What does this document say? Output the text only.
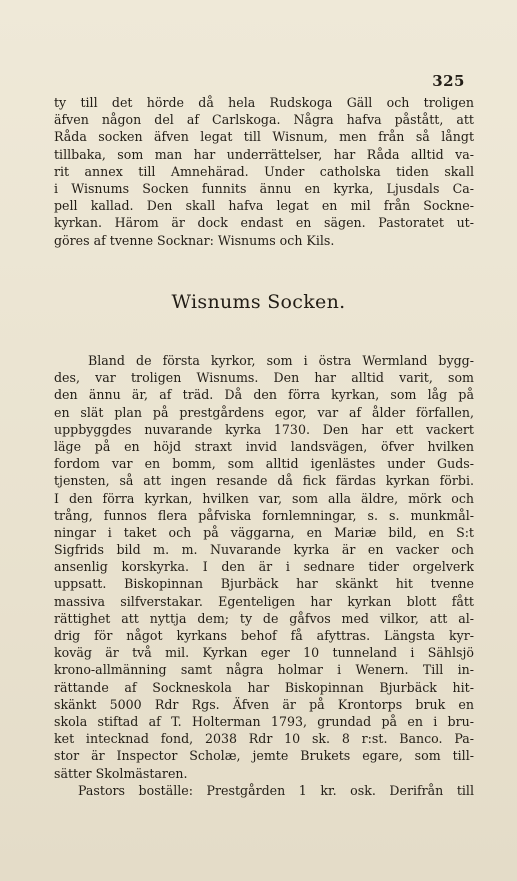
325
ty till det hörde då hela Rudskoga Gäll och troligen
äfven någon del af Carlskoga. Några hafva påstått, att
Råda socken äfven legat till Wisnum, men från så långt
tillbaka, som man har underrättelser, har Råda alltid va-
rit annex till Amnehärad. Under catholska tiden skall
i Wisnums Socken funnits ännu en kyrka, Ljusdals Ca-
pell kallad. Den skall hafva legat en mil från Sockne-
kyrkan. Härom är dock endast en sägen. Pastoratet ut-
göres af tvenne Socknar: Wisnums och Kils.
Wisnums Socken.
Bland de första kyrkor, som i östra Wermland bygg-
des, var troligen Wisnums. Den har alltid varit, som
den ännu är, af träd. Då den förra kyrkan, som låg på
en slät plan på prestgårdens egor, var af ålder förfallen,
uppbyggdes nuvarande kyrka 1730. Den har ett vackert
läge på en höjd straxt invid landsvägen, öfver hvilken
fordom var en bomm, som alltid igenlästes under Guds-
tjensten, så att ingen resande då fick färdas kyrkan förbi.
I den förra kyrkan, hvilken var, som alla äldre, mörk och
trång, funnos flera påfviska fornlemningar, s. s. munkmål-
ningar i taket och på väggarna, en Mariæ bild, en S:t
Sigfrids bild m. m. Nuvarande kyrka är en vacker och
ansenlig korskyrka. I den är i sednare tider orgelverk
uppsatt. Biskopinnan Bjurbäck har skänkt hit tvenne
massiva silfverstakar. Egenteligen har kyrkan blott fått
rättighet att nyttja dem; ty de gåfvos med vilkor, att al-
drig för något kyrkans behof få afyttras. Längsta kyr-
koväg är två mil. Kyrkan eger 10 tunneland i Sählsjö
krono-allmänning samt några holmar i Wenern. Till in-
rättande af Sockneskola har Biskopinnan Bjurbäck hit-
skänkt 5000 Rdr Rgs. Äfven är på Krontorps bruk en
skola stiftad af T. Holterman 1793, grundad på en i bru-
ket intecknad fond, 2038 Rdr 10 sk. 8 r:st. Banco. Pa-
stor är Inspector Scholæ, jemte Brukets egare, som till-
sätter Skolmästaren.
Pastors boställe: Prestgården 1 kr. osk. Derifrån till
